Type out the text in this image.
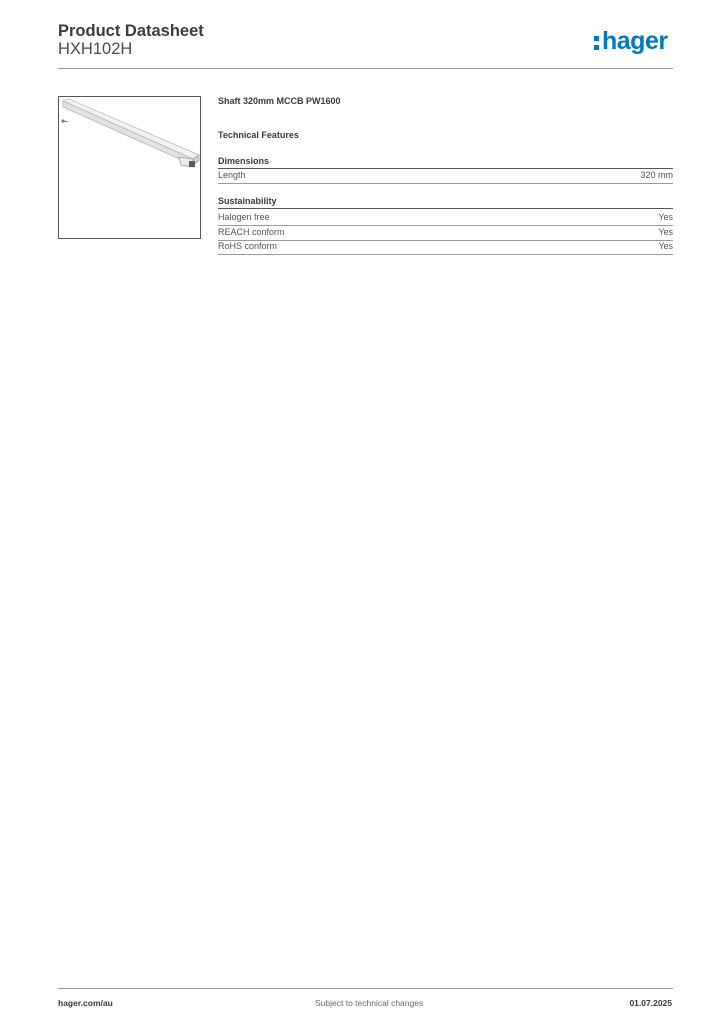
Product Datasheet
HXH102H	hager
Shaft 320mm MCCB PW1600
Technical Features
Dimensions
Length	320 mm
Sustainability
Halogen free	Yes
REACH conform	Yes
RoHS conform	Yes
hager.com/au	Subject to technical changes	01.07.2025
